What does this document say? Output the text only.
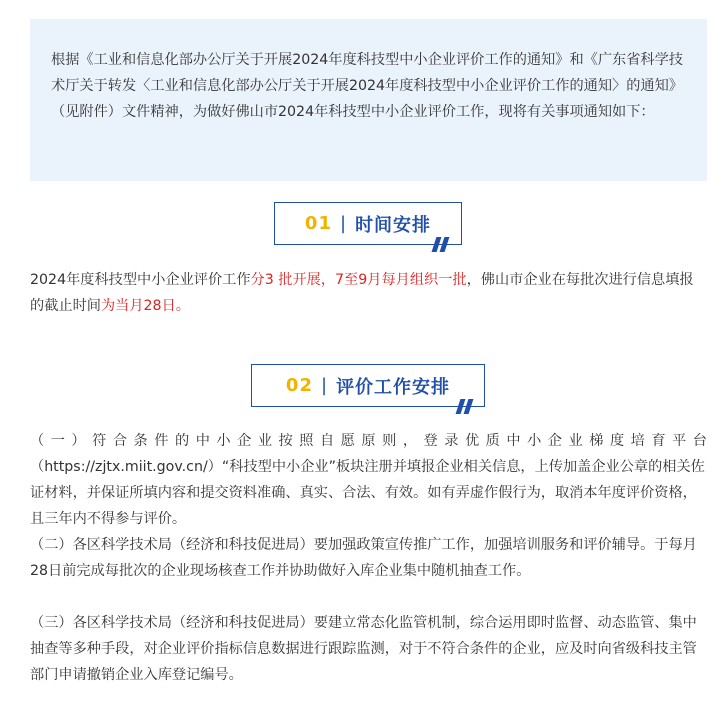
根据《工业和信息化部办公厅关于开展2024年度科技型中小企业评价工作的通知》和《广东省科学技术厅关于转发〈工业和信息化部办公厅关于开展2024年度科技型中小企业评价工作的通知〉的通知》（见附件）文件精神，为做好佛山市2024年科技型中小企业评价工作，现将有关事项通知如下：
01 | 时间安排
2024年度科技型中小企业评价工作分3 批开展，7至9月每月组织一批，佛山市企业在每批次进行信息填报的截止时间为当月28日。
02 | 评价工作安排
（一）符合条件的中小企业按照自愿原则，登录优质中小企业梯度培育平台
（https://zjtx.miit.gov.cn/）“科技型中小企业”板块注册并填报企业相关信息，上传加盖企业公章的相关佐证材料，并保证所填内容和提交资料准确、真实、合法、有效。如有弄虚作假行为，取消本年度评价资格，且三年内不得参与评价。
（二）各区科学技术局（经济和科技促进局）要加强政策宣传推广工作，加强培训服务和评价辅导。于每月28日前完成每批次的企业现场核查工作并协助做好入库企业集中随机抽查工作。
（三）各区科学技术局（经济和科技促进局）要建立常态化监管机制，综合运用即时监督、动态监管、集中抽查等多种手段，对企业评价指标信息数据进行跟踪监测，对于不符合条件的企业，应及时向省级科技主管部门申请撤销企业入库登记编号。
